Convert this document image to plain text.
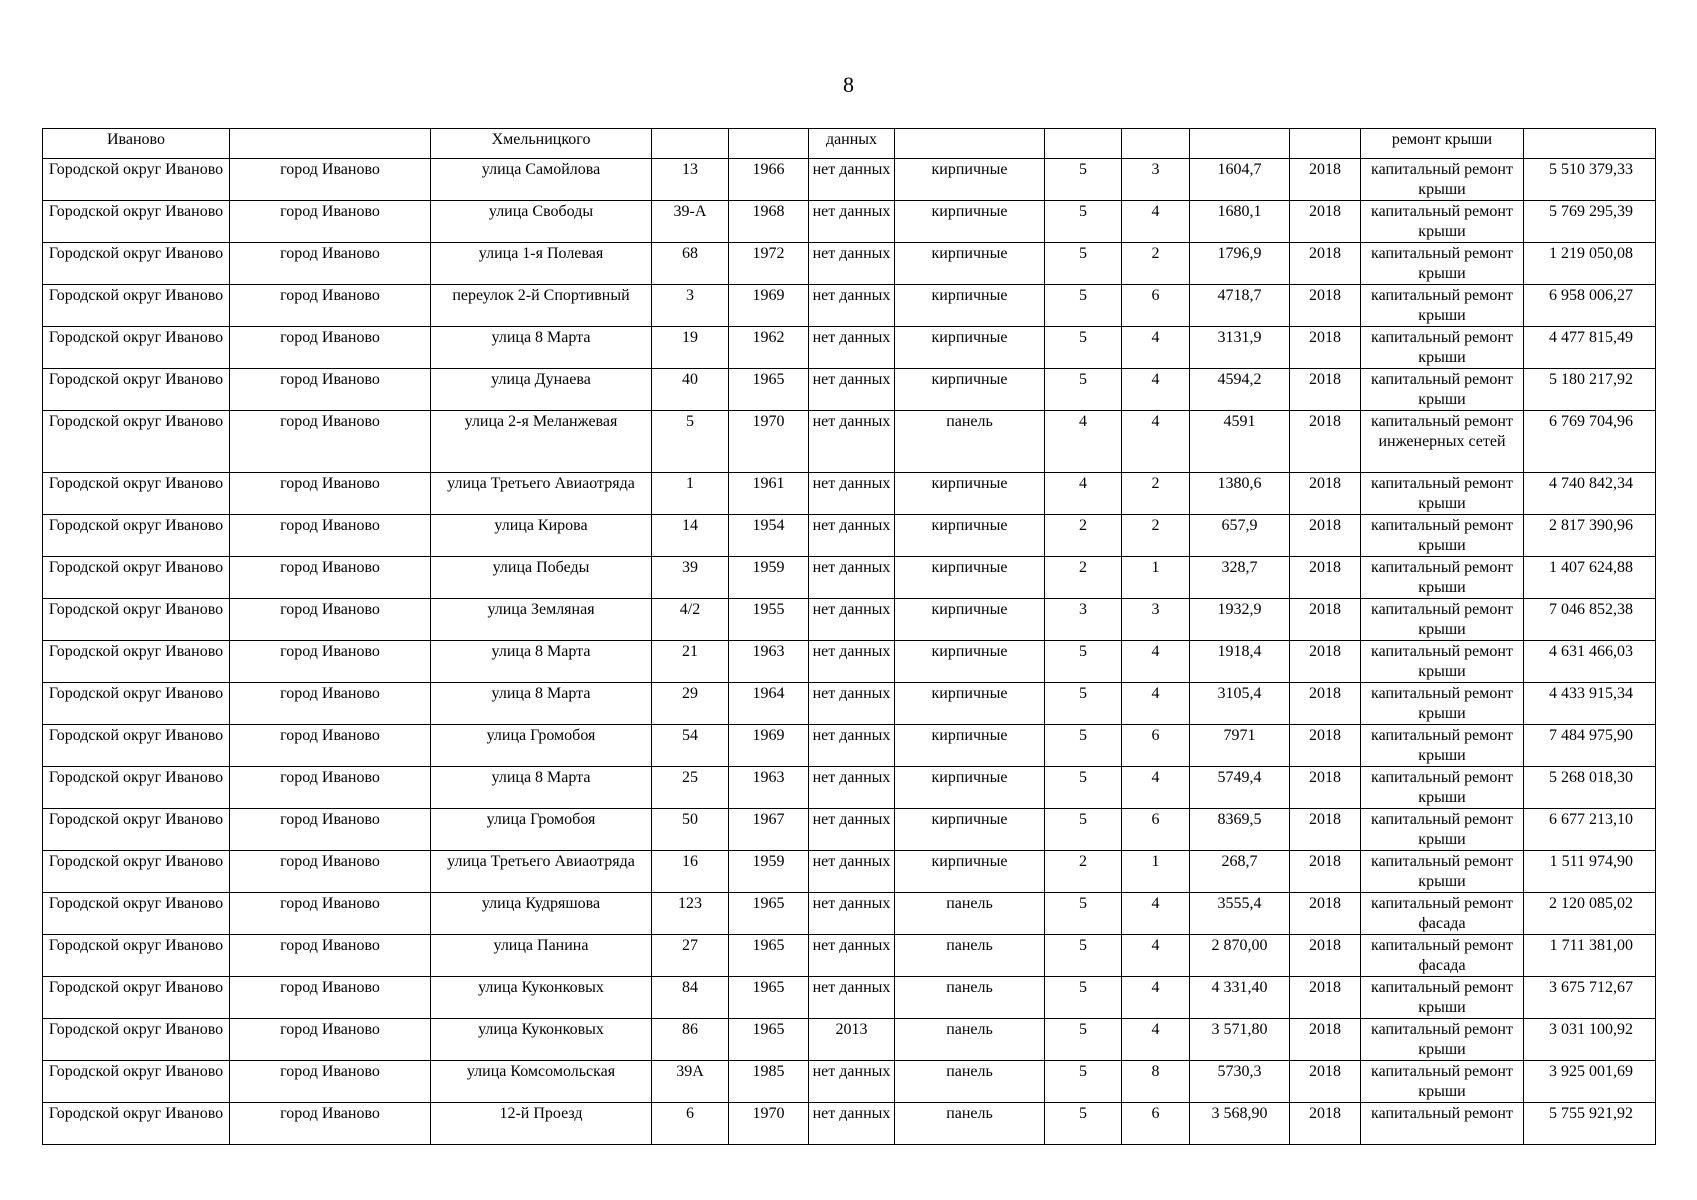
8
Иваново		Хмельницкого			данных						ремонт крыши	
Городской округ Иваново	город Иваново	улица Самойлова	13	1966	нет данных	кирпичные	5	3	1604,7	2018	капитальный ремонт крыши	5 510 379,33
Городской округ Иваново	город Иваново	улица Свободы	39-А	1968	нет данных	кирпичные	5	4	1680,1	2018	капитальный ремонт крыши	5 769 295,39
Городской округ Иваново	город Иваново	улица 1-я Полевая	68	1972	нет данных	кирпичные	5	2	1796,9	2018	капитальный ремонт крыши	1 219 050,08
Городской округ Иваново	город Иваново	переулок 2-й Спортивный	3	1969	нет данных	кирпичные	5	6	4718,7	2018	капитальный ремонт крыши	6 958 006,27
Городской округ Иваново	город Иваново	улица 8 Марта	19	1962	нет данных	кирпичные	5	4	3131,9	2018	капитальный ремонт крыши	4 477 815,49
Городской округ Иваново	город Иваново	улица Дунаева	40	1965	нет данных	кирпичные	5	4	4594,2	2018	капитальный ремонт крыши	5 180 217,92
Городской округ Иваново	город Иваново	улица 2-я Меланжевая	5	1970	нет данных	панель	4	4	4591	2018	капитальный ремонт инженерных сетей	6 769 704,96
Городской округ Иваново	город Иваново	улица Третьего Авиаотряда	1	1961	нет данных	кирпичные	4	2	1380,6	2018	капитальный ремонт крыши	4 740 842,34
Городской округ Иваново	город Иваново	улица Кирова	14	1954	нет данных	кирпичные	2	2	657,9	2018	капитальный ремонт крыши	2 817 390,96
Городской округ Иваново	город Иваново	улица Победы	39	1959	нет данных	кирпичные	2	1	328,7	2018	капитальный ремонт крыши	1 407 624,88
Городской округ Иваново	город Иваново	улица Земляная	4/2	1955	нет данных	кирпичные	3	3	1932,9	2018	капитальный ремонт крыши	7 046 852,38
Городской округ Иваново	город Иваново	улица 8 Марта	21	1963	нет данных	кирпичные	5	4	1918,4	2018	капитальный ремонт крыши	4 631 466,03
Городской округ Иваново	город Иваново	улица 8 Марта	29	1964	нет данных	кирпичные	5	4	3105,4	2018	капитальный ремонт крыши	4 433 915,34
Городской округ Иваново	город Иваново	улица Громобоя	54	1969	нет данных	кирпичные	5	6	7971	2018	капитальный ремонт крыши	7 484 975,90
Городской округ Иваново	город Иваново	улица 8 Марта	25	1963	нет данных	кирпичные	5	4	5749,4	2018	капитальный ремонт крыши	5 268 018,30
Городской округ Иваново	город Иваново	улица Громобоя	50	1967	нет данных	кирпичные	5	6	8369,5	2018	капитальный ремонт крыши	6 677 213,10
Городской округ Иваново	город Иваново	улица Третьего Авиаотряда	16	1959	нет данных	кирпичные	2	1	268,7	2018	капитальный ремонт крыши	1 511 974,90
Городской округ Иваново	город Иваново	улица Кудряшова	123	1965	нет данных	панель	5	4	3555,4	2018	капитальный ремонт фасада	2 120 085,02
Городской округ Иваново	город Иваново	улица Панина	27	1965	нет данных	панель	5	4	2 870,00	2018	капитальный ремонт фасада	1 711 381,00
Городской округ Иваново	город Иваново	улица Куконковых	84	1965	нет данных	панель	5	4	4 331,40	2018	капитальный ремонт крыши	3 675 712,67
Городской округ Иваново	город Иваново	улица Куконковых	86	1965	2013	панель	5	4	3 571,80	2018	капитальный ремонт крыши	3 031 100,92
Городской округ Иваново	город Иваново	улица Комсомольская	39А	1985	нет данных	панель	5	8	5730,3	2018	капитальный ремонт крыши	3 925 001,69
Городской округ Иваново	город Иваново	12-й Проезд	6	1970	нет данных	панель	5	6	3 568,90	2018	капитальный ремонт	5 755 921,92
